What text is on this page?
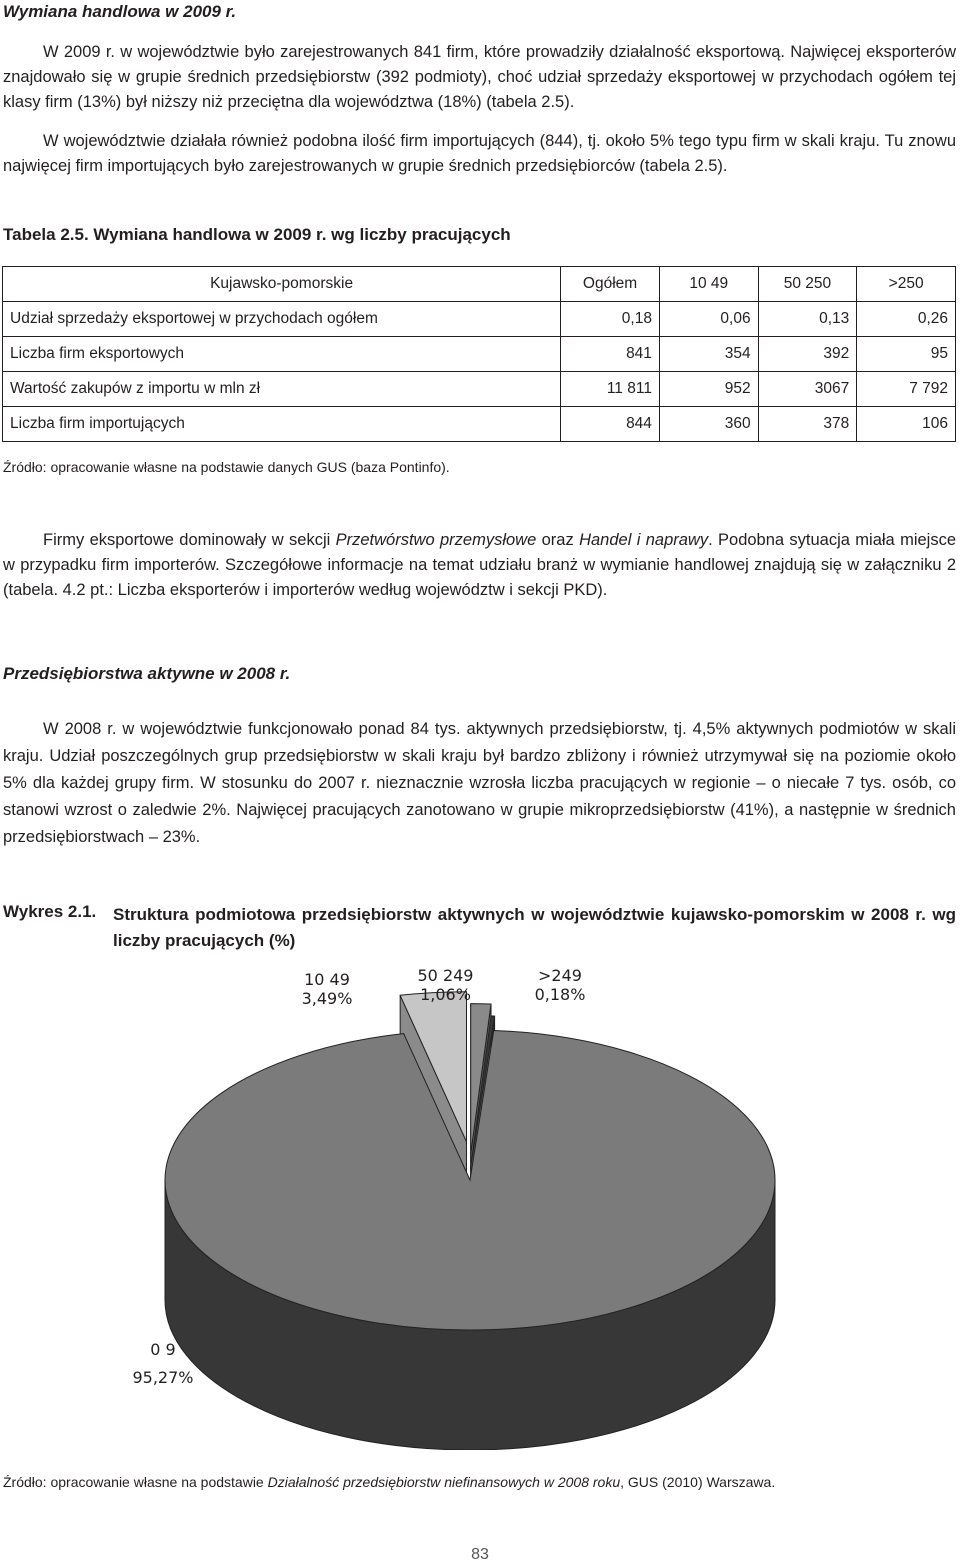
Wymiana handlowa w 2009 r.

W 2009 r. w województwie było zarejestrowanych 841 firm, które prowadziły działalność eksportową. Najwięcej eksporterów znajdowało się w grupie średnich przedsiębiorstw (392 podmioty), choć udział sprzedaży eksportowej w przychodach ogółem tej klasy firm (13%) był niższy niż przeciętna dla województwa (18%) (tabela 2.5).

W województwie działała również podobna ilość firm importujących (844), tj. około 5% tego typu firm w skali kraju. Tu znowu najwięcej firm importujących było zarejestrowanych w grupie średnich przedsiębiorców (tabela 2.5).

Tabela 2.5. Wymiana handlowa w 2009 r. wg liczby pracujących
Kujawsko-pomorskie	Ogółem	10 49	50 250	>250
Udział sprzedaży eksportowej w przychodach ogółem	0,18	0,06	0,13	0,26
Liczba firm eksportowych	841	354	392	95
Wartość zakupów z importu w mln zł	11 811	952	3067	7 792
Liczba firm importujących	844	360	378	106
Źródło: opracowanie własne na podstawie danych GUS (baza Pontinfo).

Firmy eksportowe dominowały w sekcji Przetwórstwo przemysłowe oraz Handel i naprawy. Podobna sytuacja miała miejsce w przypadku firm importerów. Szczegółowe informacje na temat udziału branż w wymianie handlowej znajdują się w załączniku 2 (tabela. 4.2 pt.: Liczba eksporterów i importerów według województw i sekcji PKD).

Przedsiębiorstwa aktywne w 2008 r.

W 2008 r. w województwie funkcjonowało ponad 84 tys. aktywnych przedsiębiorstw, tj. 4,5% aktywnych podmiotów w skali kraju. Udział poszczególnych grup przedsiębiorstw w skali kraju był bardzo zbliżony i również utrzymywał się na poziomie około 5% dla każdej grupy firm. W stosunku do 2007 r. nieznacznie wzrosła liczba pracujących w regionie – o niecałe 7 tys. osób, co stanowi wzrost o zaledwie 2%. Najwięcej pracujących zanotowano w grupie mikroprzedsiębiorstw (41%), a następnie w średnich przedsiębiorstwach – 23%.

Wykres 2.1. Struktura podmiotowa przedsiębiorstw aktywnych w województwie kujawsko-pomorskim w 2008 r. wg liczby pracujących (%)
10 49
3,49%
50 249
1,06%
>249
0,18%
0 9
95,27%
Źródło: opracowanie własne na podstawie Działalność przedsiębiorstw niefinansowych w 2008 roku, GUS (2010) Warszawa.
83
